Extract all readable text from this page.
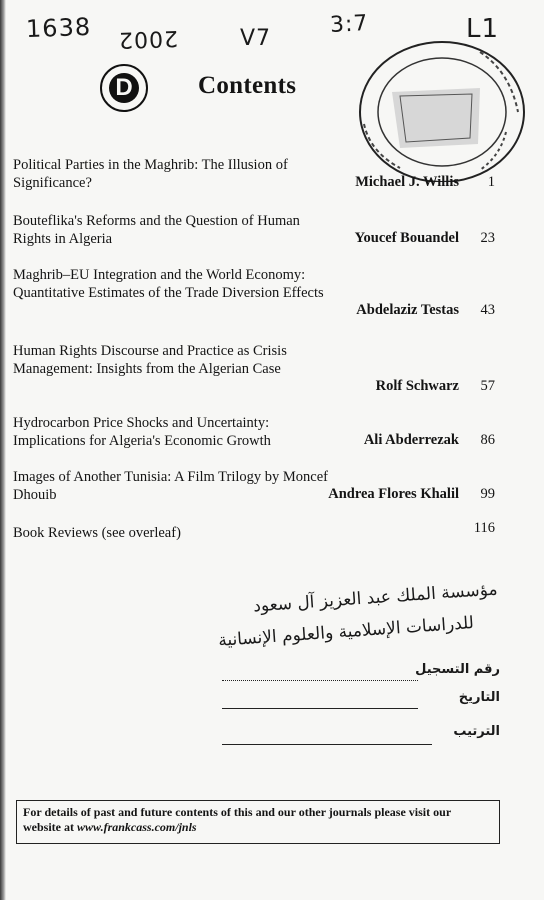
1638 2002	V7
3:7	L1
D	Contents
Political Parties in the Maghrib: The Illusion of Significance?	Michael J. Willis 1
Bouteflika's Reforms and the Question of Human Rights in Algeria	Youcef Bouandel 23
Maghrib–EU Integration and the World Economy: Quantitative Estimates of the Trade Diversion Effects
Abdelaziz Testas 43
Human Rights Discourse and Practice as Crisis Management: Insights from the Algerian Case
Rolf Schwarz 57
Hydrocarbon Price Shocks and Uncertainty: Implications for Algeria's Economic Growth	Ali Abderrezak 86
Images of Another Tunisia: A Film Trilogy by Moncef Dhouib	Andrea Flores Khalil 99
Book Reviews (see overleaf)	116
مؤسسة الملك عبد العزيز آل سعود
للدراسات الإسلامية والعلوم الإنسانية
رقم التسجيل
التاريخ
الترتيب

For details of past and future contents of this and our other journals please visit our website at www.frankcass.com/jnls
